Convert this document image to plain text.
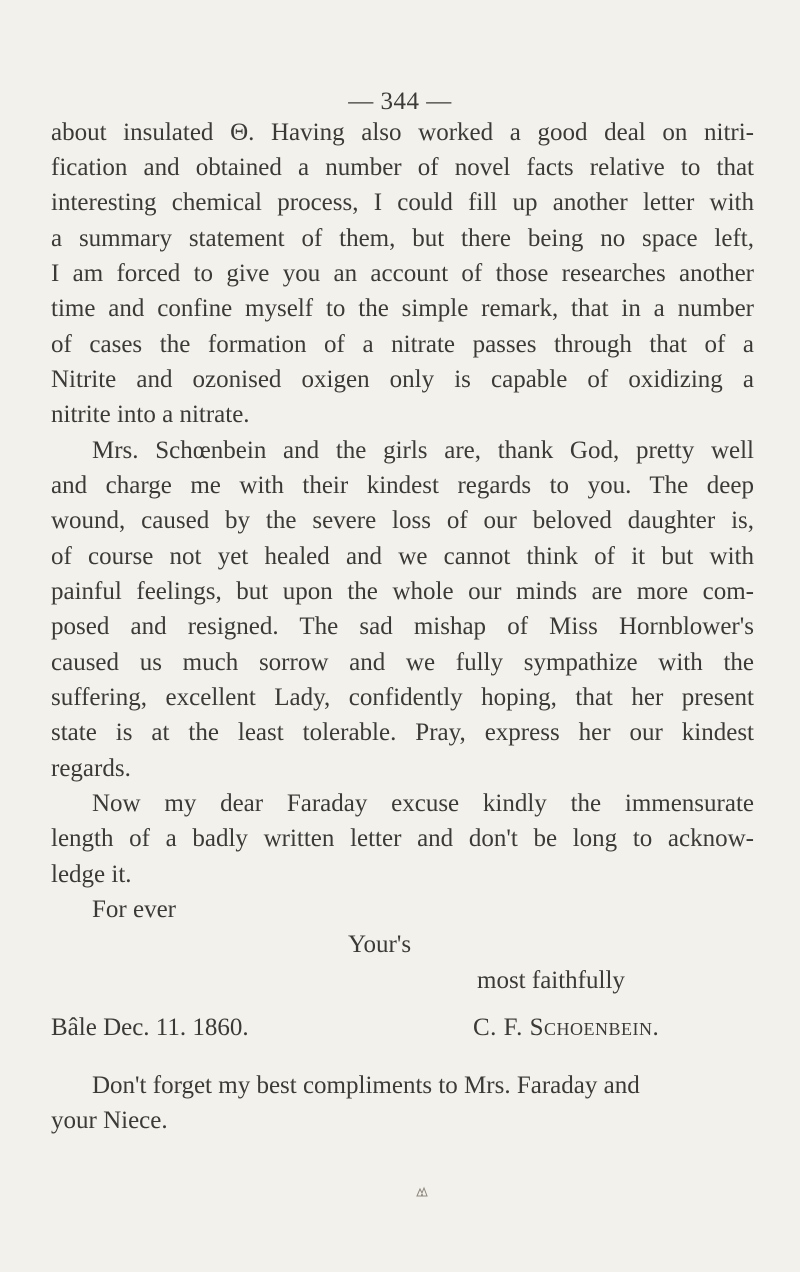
— 344 —
about insulated Θ. Having also worked a good deal on nitri-
fication and obtained a number of novel facts relative to that
interesting chemical process, I could fill up another letter with
a summary statement of them, but there being no space left,
I am forced to give you an account of those researches another
time and confine myself to the simple remark, that in a number
of cases the formation of a nitrate passes through that of a
Nitrite and ozonised oxigen only is capable of oxidizing a
nitrite into a nitrate.
Mrs. Schœnbein and the girls are, thank God, pretty well
and charge me with their kindest regards to you. The deep
wound, caused by the severe loss of our beloved daughter is,
of course not yet healed and we cannot think of it but with
painful feelings, but upon the whole our minds are more com-
posed and resigned. The sad mishap of Miss Hornblower's
caused us much sorrow and we fully sympathize with the
suffering, excellent Lady, confidently hoping, that her present
state is at the least tolerable. Pray, express her our kindest
regards.
Now my dear Faraday excuse kindly the immensurate
length of a badly written letter and don't be long to acknow-
ledge it.
For ever
Your's
most faithfully
Bâle Dec. 11. 1860.	C. F. Schoenbein.
Don't forget my best compliments to Mrs. Faraday and
your Niece.
